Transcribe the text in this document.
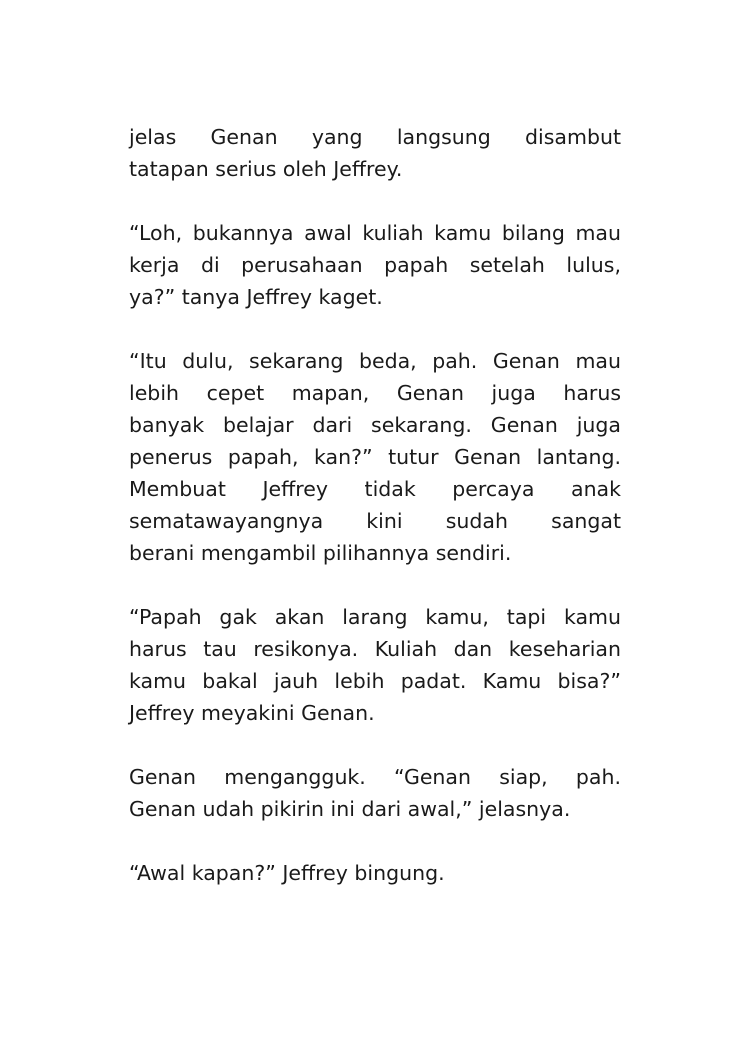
jelas Genan yang langsung disambut
tatapan serius oleh Jeffrey.
“Loh, bukannya awal kuliah kamu bilang mau
kerja di perusahaan papah setelah lulus,
ya?” tanya Jeffrey kaget.
“Itu dulu, sekarang beda, pah. Genan mau
lebih cepet mapan, Genan juga harus
banyak belajar dari sekarang. Genan juga
penerus papah, kan?” tutur Genan lantang.
Membuat Jeffrey tidak percaya anak
sematawayangnya kini sudah sangat
berani mengambil pilihannya sendiri.
“Papah gak akan larang kamu, tapi kamu
harus tau resikonya. Kuliah dan keseharian
kamu bakal jauh lebih padat. Kamu bisa?”
Jeffrey meyakini Genan.
Genan mengangguk. “Genan siap, pah.
Genan udah pikirin ini dari awal,” jelasnya.
“Awal kapan?” Jeffrey bingung.
